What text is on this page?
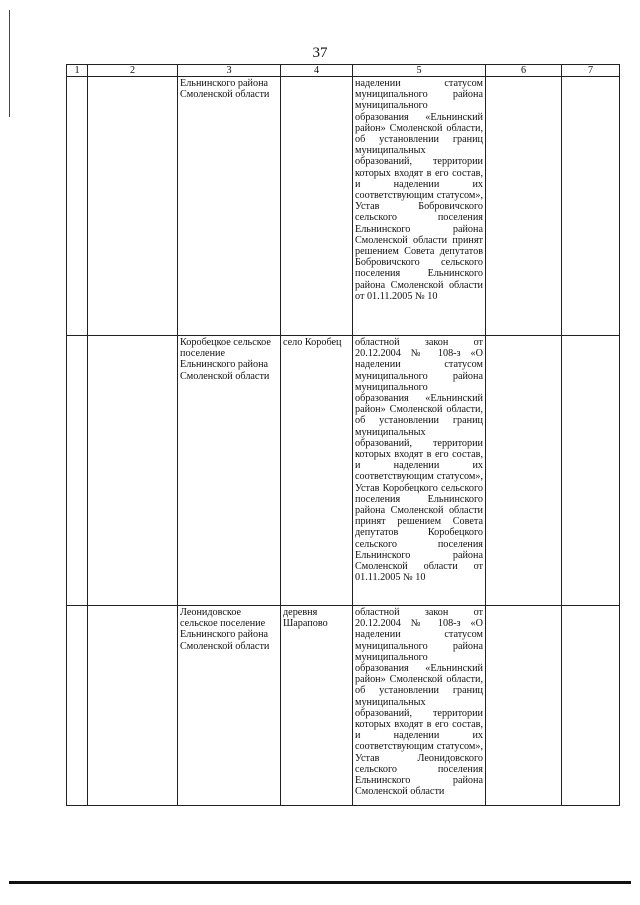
37
1	2	3	4	5	6	7
		Ельнинского района Смоленской области		наделении статусом муниципального района муниципального образования «Ельнинский район» Смоленской области, об установлении границ муниципальных образований, территории которых входят в его состав, и наделении их соответствующим статусом», Устав Бобровичского сельского поселения Ельнинского района Смоленской области принят решением Совета депутатов Бобровичского сельского поселения Ельнинского района Смоленской области от 01.11.2005 № 10		
		Коробецкое сельское поселение Ельнинского района Смоленской области	село Коробец	областной закон от 20.12.2004 № 108-з «О наделении статусом муниципального района муниципального образования «Ельнинский район» Смоленской области, об установлении границ муниципальных образований, территории которых входят в его состав, и наделении их соответствующим статусом», Устав Коробецкого сельского поселения Ельнинского района Смоленской области принят решением Совета депутатов Коробецкого сельского поселения Ельнинского района Смоленской области от 01.11.2005 № 10		
		Леонидовское сельское поселение Ельнинского района Смоленской области	деревня Шарапово	областной закон от 20.12.2004 № 108-з «О наделении статусом муниципального района муниципального образования «Ельнинский район» Смоленской области, об установлении границ муниципальных образований, территории которых входят в его состав, и наделении их соответствующим статусом», Устав Леонидовского сельского поселения Ельнинского района Смоленской области		
